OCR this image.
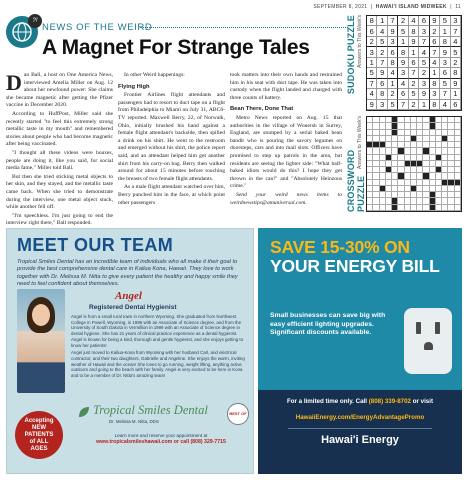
SEPTEMBER 8, 2021  |  HAWAI'I ISLAND MIDWEEK  |  11
?!
NEWS OF THE WEIRD
A Magnet For Strange Tales

Dan Ball, a host on One America News, interviewed Amelia Miller on Aug. 12 about her newfound power: She claims she became magnetic after getting the Pfizer vaccine in December 2020.

According to HuffPost, Miller said she recently started "to feel this extremely strong metallic taste in my mouth" and remembered stories about people who had become magnetic after being vaccinated.

"I thought all these videos were hoaxes, people are doing it, like you said, for social media fame," Miller told Ball.

But then she tried sticking metal objects to her skin, and they stayed, and the metallic taste came back. When she tried to demonstrate during the interview, one metal object stuck, while another fell off.

"I'm speechless. I'm just going to end the interview right there," Ball responded.

In other Weird happenings:

Flying High

Frontier Airlines flight attendants and passengers had to resort to duct tape on a flight from Philadelphia to Miami on July 31, ABC6-TV reported. Maxwell Berry, 22, of Norwalk, Ohio, initially brushed his hand against a female flight attendant's backside, then spilled a drink on his shirt. He went to the restroom and emerged without his shirt, the police report said, and an attendant helped him get another shirt from his carry-on bag. Berry then walked around for about 15 minutes before touching the breasts of two female flight attendants.

As a male flight attendant watched over him, Berry punched him in the face, at which point other passengers

took matters into their own hands and restrained him in his seat with duct tape. He was taken into custody when the flight landed and charged with three counts of battery.

Bean There, Done That

Metro News reported on Aug. 15 that authorities in the village of Wonersh in Surrey, England, are stumped by a serial baked bean bandit who is pouring the savory legumes on doorsteps, cars and into mail slots. Officers have promised to step up patrols in the area, but residents are seeing the lighter side: "What half-baked idiots would do this? I hope they get thrown in the can!" and "Absolutely Heinzous crime."

Send your weird news items to weirdnewstips@amuniversal.com.

SUDOKU PUZZLE Answers to This Week's 8 1 7 2 4 6 9 5 3
6 4 9 5 8 3 2 1 7
2 5 3 1 9 7 6 8 4
3 2 6 8 1 4 7 9 5
1 7 8 9 6 5 4 3 2
5 9 4 3 7 2 1 6 8
7 6 1 4 2 3 8 5 9
4 8 2 6 5 9 3 7 1
9 3 5 7 2 1 8 4 6
CROSSWORD PUZZLE
Answers to This Week's
MEET OUR TEAM
Tropical Smiles Dental has an incredible team of individuals who all make it their goal to provide the best comprehensive dental care in Kailua Kona, Hawaii. They love to work together with Dr. Melissa M. Nitta to give every patient the healthy and happy smile they need to feel confident about themselves.
Angel
Registered Dental Hygienist

Angel is from a small rural town in northern Wyoming. She graduated from Northwest College in Powell, Wyoming, in 1996 with an Associate of Science degree, and from the University of South Dakota in Vermillion in 1999 with an Associate of Science degree in dental hygiene. She has 21 years of clinical practice experience as a dental hygienist. Angel is known for being a kind, thorough and gentle hygienist, and she enjoys getting to know her patients!

Angel just moved to Kailua-Kona from Wyoming with her husband Carl, and electrical contractor, and their two daughters, Gabrielle and Angeline. She enjoys the warm, inviting weather of Hawaii and the ocean! She loves to go running, weight lifting, anything active outdoors and going to the beach with her family. Angel is very excited to be here in Kona and to be a member of Dr. Nitta's amazing team!

Accepting
NEW
PATIENTS
of ALL
AGES
Tropical Smiles Dental
Dr. Melissa M. Nitta, DDS
BEST OF
Learn more and reserve your appointment at
www.tropicalsmileshawaii.com or call (808) 329-7715
SAVE 15-30% ON
YOUR ENERGY BILL
Small businesses can save big with easy efficient lighting upgrades. Significant discounts available.
For a limited time only. Call (808) 339-8702 or visit
HawaiiEnergy.com/EnergyAdvantagePromo
Hawai'i Energy
